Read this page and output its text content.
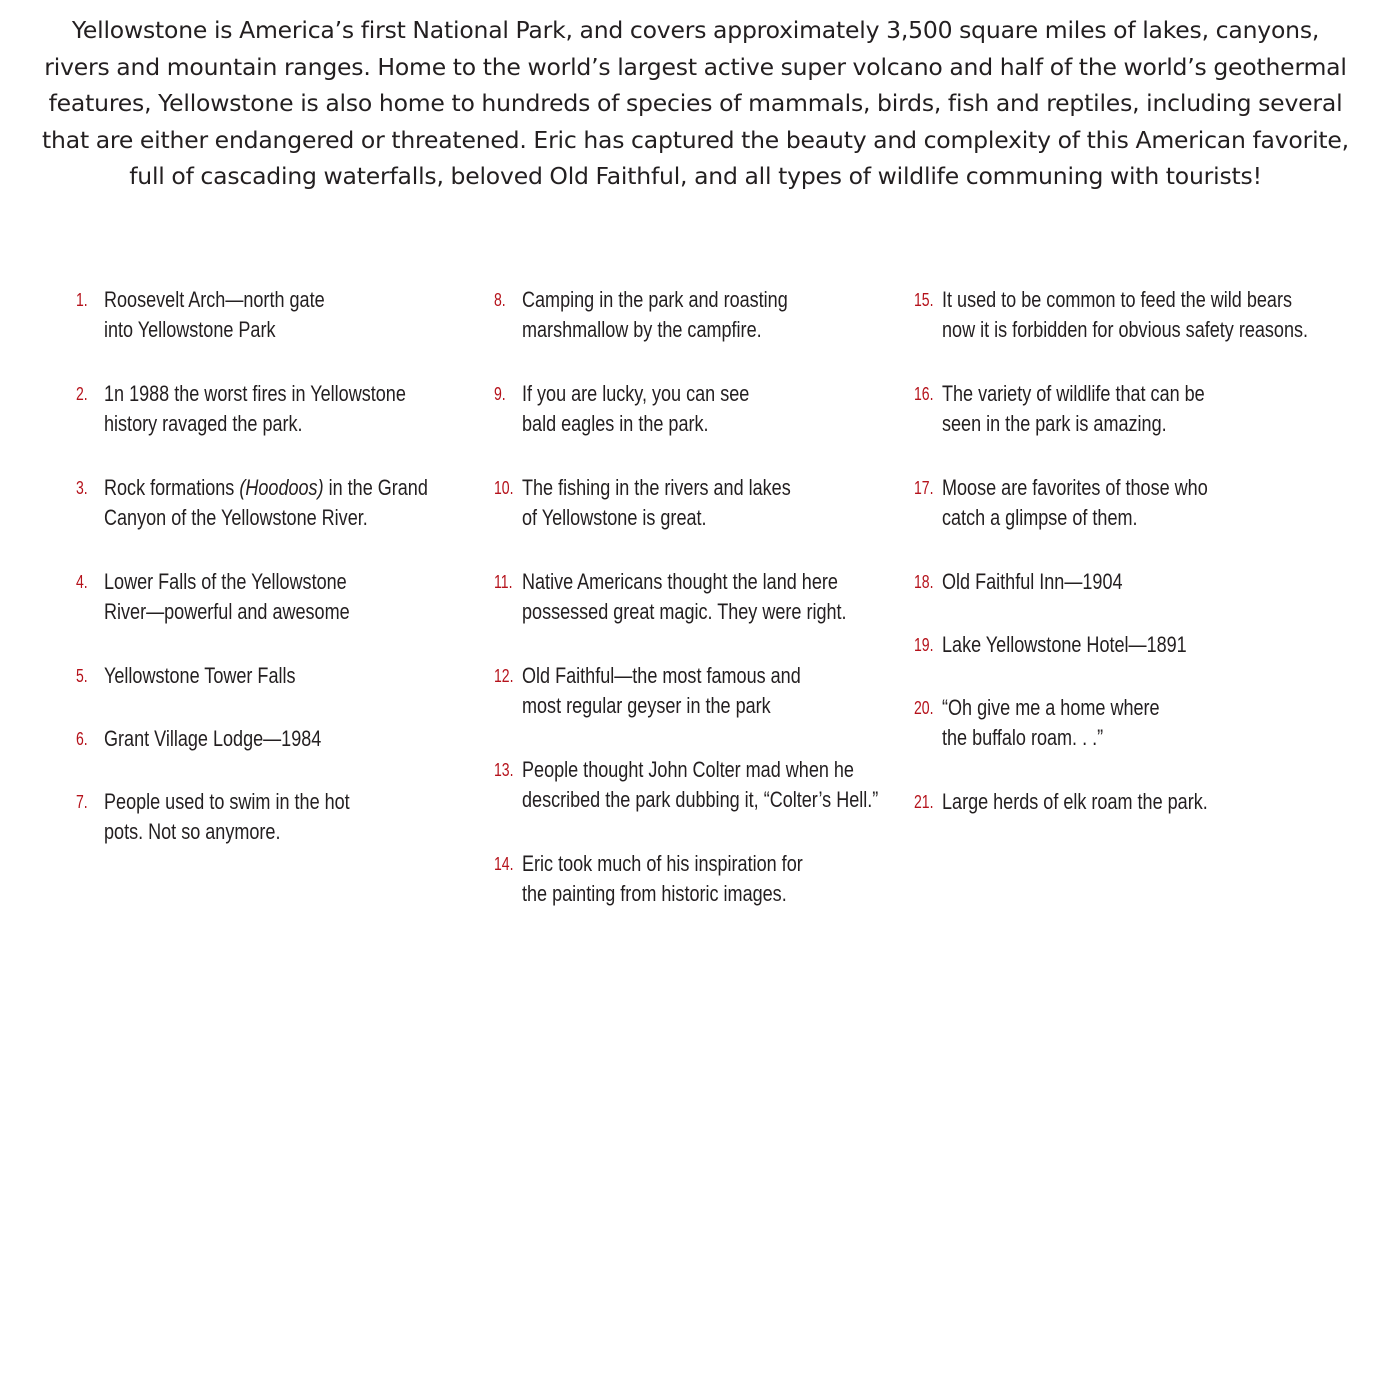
Yellowstone is America’s first National Park, and covers approximately 3,500 square miles of lakes, canyons, rivers and mountain ranges. Home to the world’s largest active super volcano and half of the world’s geothermal features, Yellowstone is also home to hundreds of species of mammals, birds, fish and reptiles, including several that are either endangered or threatened. Eric has captured the beauty and complexity of this American favorite, full of cascading waterfalls, beloved Old Faithful, and all types of wildlife communing with tourists!

1. Roosevelt Arch—north gate
into Yellowstone Park
2. 1n 1988 the worst fires in Yellowstone
history ravaged the park.
3. Rock formations (Hoodoos) in the Grand
Canyon of the Yellowstone River.
4. Lower Falls of the Yellowstone
River—powerful and awesome
5. Yellowstone Tower Falls
6. Grant Village Lodge—1984
7. People used to swim in the hot
pots. Not so anymore.
8. Camping in the park and roasting
marshmallow by the campfire.
9. If you are lucky, you can see
bald eagles in the park.
10. The fishing in the rivers and lakes
of Yellowstone is great.
11. Native Americans thought the land here
possessed great magic. They were right.
12. Old Faithful—the most famous and
most regular geyser in the park
13. People thought John Colter mad when he
described the park dubbing it, “Colter’s Hell.”
14. Eric took much of his inspiration for
the painting from historic images.
15. It used to be common to feed the wild bears
now it is forbidden for obvious safety reasons.
16. The variety of wildlife that can be
seen in the park is amazing.
17. Moose are favorites of those who
catch a glimpse of them.
18. Old Faithful Inn—1904
19. Lake Yellowstone Hotel—1891
20. “Oh give me a home where
the buffalo roam. . .”
21. Large herds of elk roam the park.
